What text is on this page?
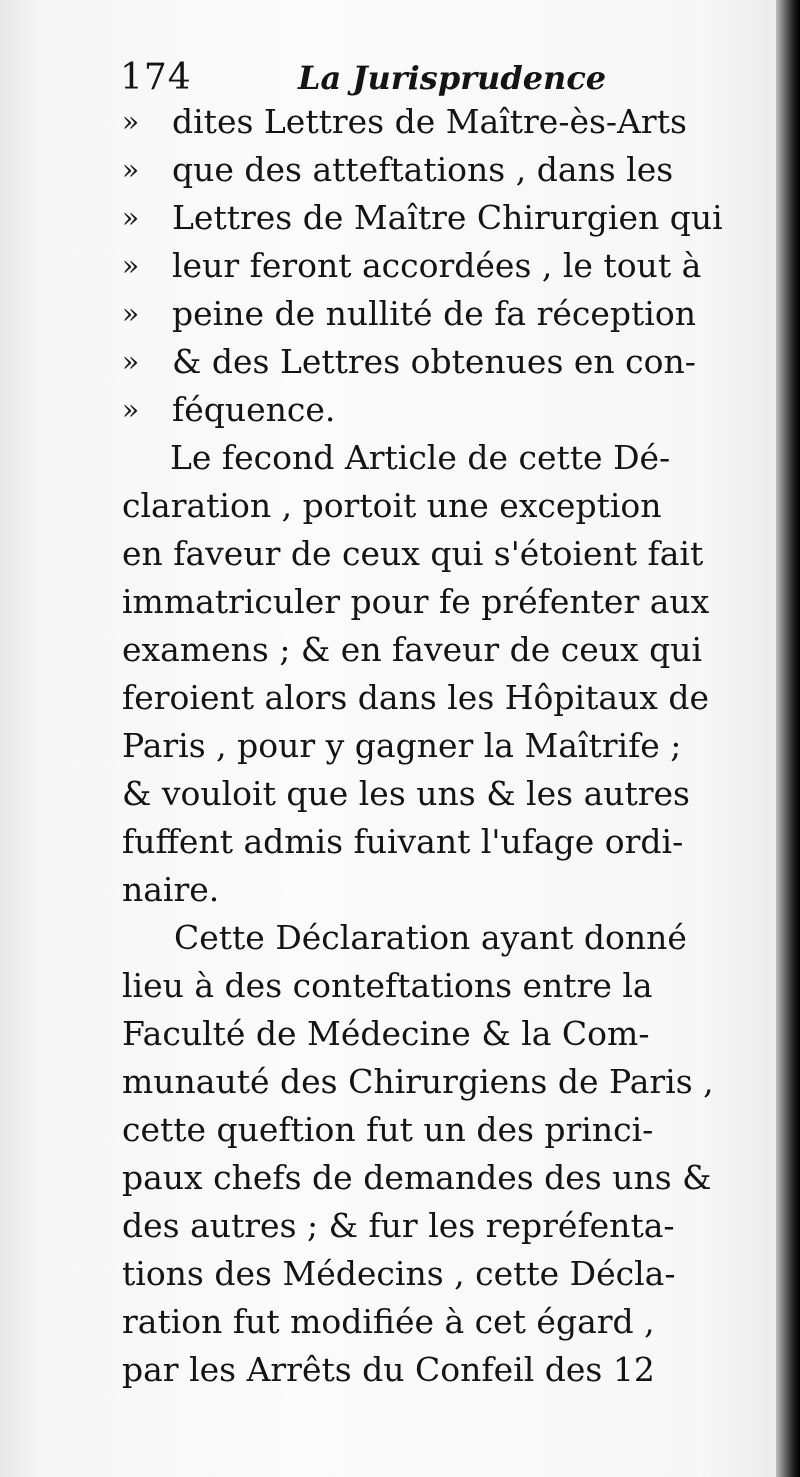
174	La Jurisprudence
» dites Lettres de Maître-ès-Arts
» que des atteftations , dans les
» Lettres de Maître Chirurgien qui
» leur feront accordées , le tout à
» peine de nullité de fa réception
» & des Lettres obtenues en con-
» féquence.
Le fecond Article de cette Dé-
claration , portoit une exception
en faveur de ceux qui s'étoient fait
immatriculer pour fe préfenter aux
examens ; & en faveur de ceux qui
feroient alors dans les Hôpitaux de
Paris , pour y gagner la Maîtrife ;
& vouloit que les uns & les autres
fuffent admis fuivant l'ufage ordi-
naire.
Cette Déclaration ayant donné
lieu à des conteftations entre la
Faculté de Médecine & la Com-
munauté des Chirurgiens de Paris ,
cette queftion fut un des princi-
paux chefs de demandes des uns &
des autres ; & fur les repréfenta-
tions des Médecins , cette Décla-
ration fut modifiée à cet égard ,
par les Arrêts du Confeil des 12
